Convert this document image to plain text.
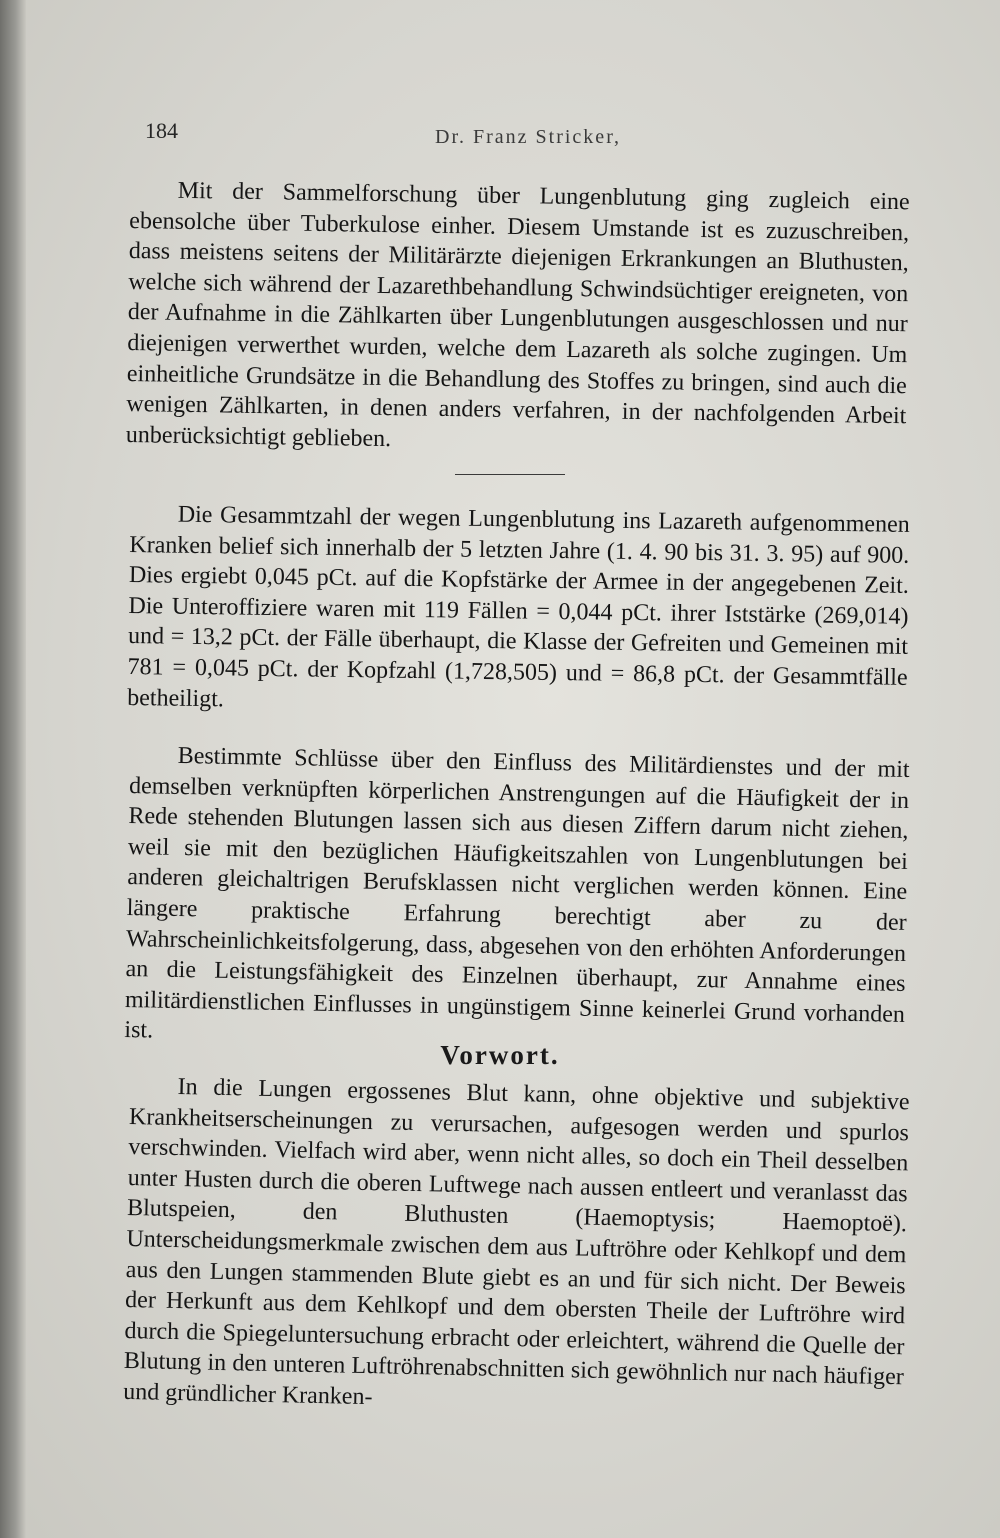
184	Dr. Franz Stricker,

Mit der Sammelforschung über Lungenblutung ging zugleich eine ebensolche über Tuberkulose einher. Diesem Umstande ist es zuzuschreiben, dass meistens seitens der Militärärzte diejenigen Erkrankungen an Bluthusten, welche sich während der Lazarethbehandlung Schwindsüchtiger ereigneten, von der Aufnahme in die Zählkarten über Lungenblutungen ausgeschlossen und nur diejenigen verwerthet wurden, welche dem Lazareth als solche zugingen. Um einheitliche Grundsätze in die Behandlung des Stoffes zu bringen, sind auch die wenigen Zählkarten, in denen anders verfahren, in der nachfolgenden Arbeit unberücksichtigt geblieben.

Die Gesammtzahl der wegen Lungenblutung ins Lazareth aufgenommenen Kranken belief sich innerhalb der 5 letzten Jahre (1. 4. 90 bis 31. 3. 95) auf 900. Dies ergiebt 0,045 pCt. auf die Kopfstärke der Armee in der angegebenen Zeit. Die Unteroffiziere waren mit 119 Fällen = 0,044 pCt. ihrer Iststärke (269,014) und = 13,2 pCt. der Fälle überhaupt, die Klasse der Gefreiten und Gemeinen mit 781 = 0,045 pCt. der Kopfzahl (1,728,505) und = 86,8 pCt. der Gesammtfälle betheiligt.

Bestimmte Schlüsse über den Einfluss des Militärdienstes und der mit demselben verknüpften körperlichen Anstrengungen auf die Häufigkeit der in Rede stehenden Blutungen lassen sich aus diesen Ziffern darum nicht ziehen, weil sie mit den bezüglichen Häufigkeitszahlen von Lungenblutungen bei anderen gleichaltrigen Berufsklassen nicht verglichen werden können. Eine längere praktische Erfahrung berechtigt aber zu der Wahrscheinlichkeitsfolgerung, dass, abgesehen von den erhöhten Anforderungen an die Leistungsfähigkeit des Einzelnen überhaupt, zur Annahme eines militärdienstlichen Einflusses in ungünstigem Sinne keinerlei Grund vorhanden ist.

Vorwort.

In die Lungen ergossenes Blut kann, ohne objektive und subjektive Krankheitserscheinungen zu verursachen, aufgesogen werden und spurlos verschwinden. Vielfach wird aber, wenn nicht alles, so doch ein Theil desselben unter Husten durch die oberen Luftwege nach aussen entleert und veranlasst das Blutspeien, den Bluthusten (Haemoptysis; Haemoptoë). Unterscheidungsmerkmale zwischen dem aus Luftröhre oder Kehlkopf und dem aus den Lungen stammenden Blute giebt es an und für sich nicht. Der Beweis der Herkunft aus dem Kehlkopf und dem obersten Theile der Luftröhre wird durch die Spiegeluntersuchung erbracht oder erleichtert, während die Quelle der Blutung in den unteren Luftröhrenabschnitten sich gewöhnlich nur nach häufiger und gründlicher Kranken-
